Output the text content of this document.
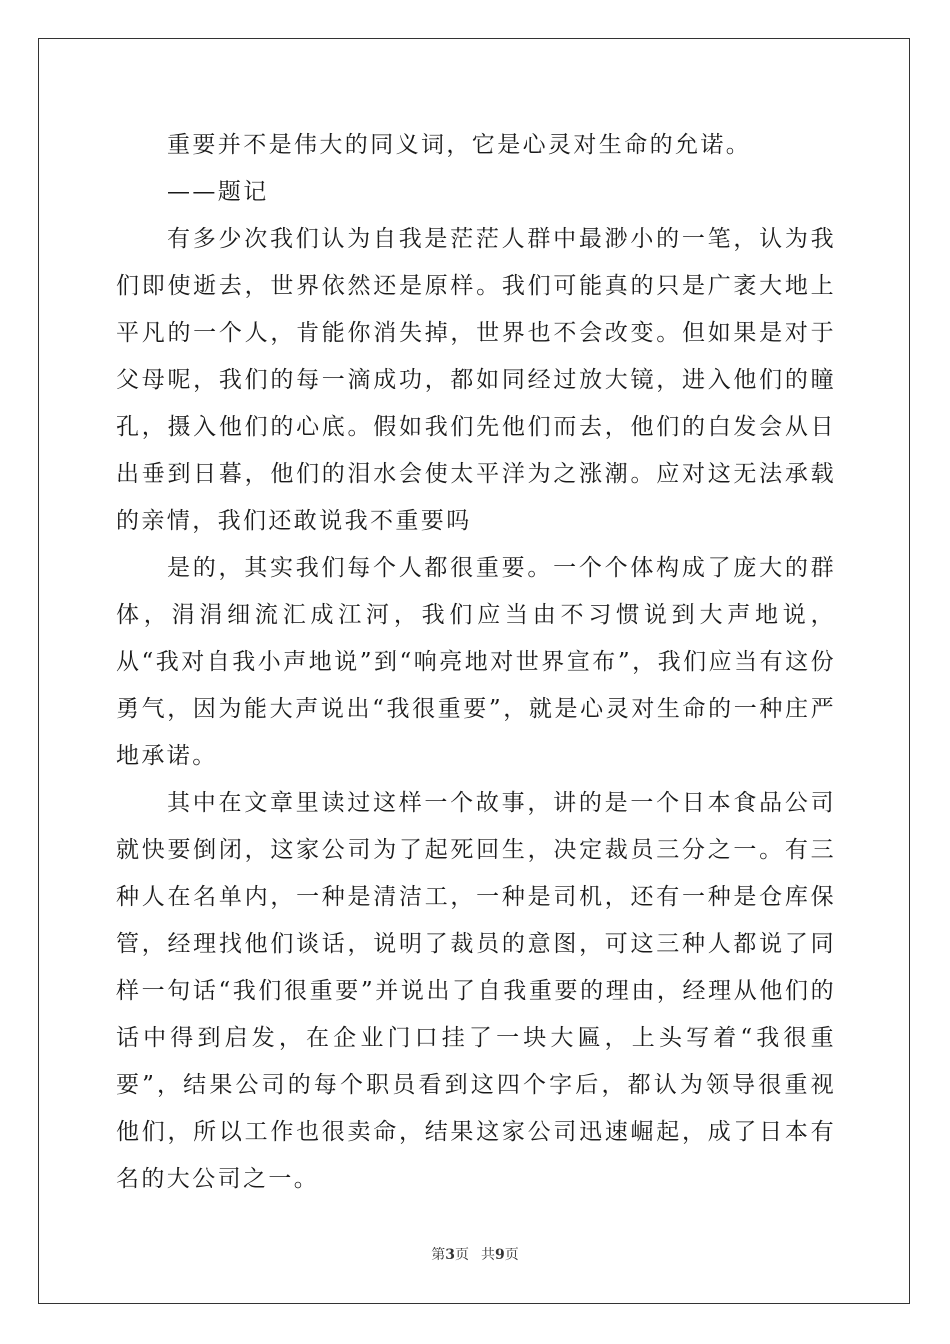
重要并不是伟大的同义词，它是心灵对生命的允诺。

——题记

有多少次我们认为自我是茫茫人群中最渺小的一笔，认为我们即使逝去，世界依然还是原样。我们可能真的只是广袤大地上平凡的一个人，肯能你消失掉，世界也不会改变。但如果是对于父母呢，我们的每一滴成功，都如同经过放大镜，进入他们的瞳孔，摄入他们的心底。假如我们先他们而去，他们的白发会从日出垂到日暮，他们的泪水会使太平洋为之涨潮。应对这无法承载的亲情，我们还敢说我不重要吗

是的，其实我们每个人都很重要。一个个体构成了庞大的群体，涓涓细流汇成江河，我们应当由不习惯说到大声地说，从“我对自我小声地说”到“响亮地对世界宣布”，我们应当有这份勇气，因为能大声说出“我很重要”，就是心灵对生命的一种庄严地承诺。

其中在文章里读过这样一个故事，讲的是一个日本食品公司就快要倒闭，这家公司为了起死回生，决定裁员三分之一。有三种人在名单内，一种是清洁工，一种是司机，还有一种是仓库保管，经理找他们谈话，说明了裁员的意图，可这三种人都说了同样一句话“我们很重要”并说出了自我重要的理由，经理从他们的话中得到启发，在企业门口挂了一块大匾，上头写着“我很重要”，结果公司的每个职员看到这四个字后，都认为领导很重视他们，所以工作也很卖命，结果这家公司迅速崛起，成了日本有名的大公司之一。

第3页 共9页
